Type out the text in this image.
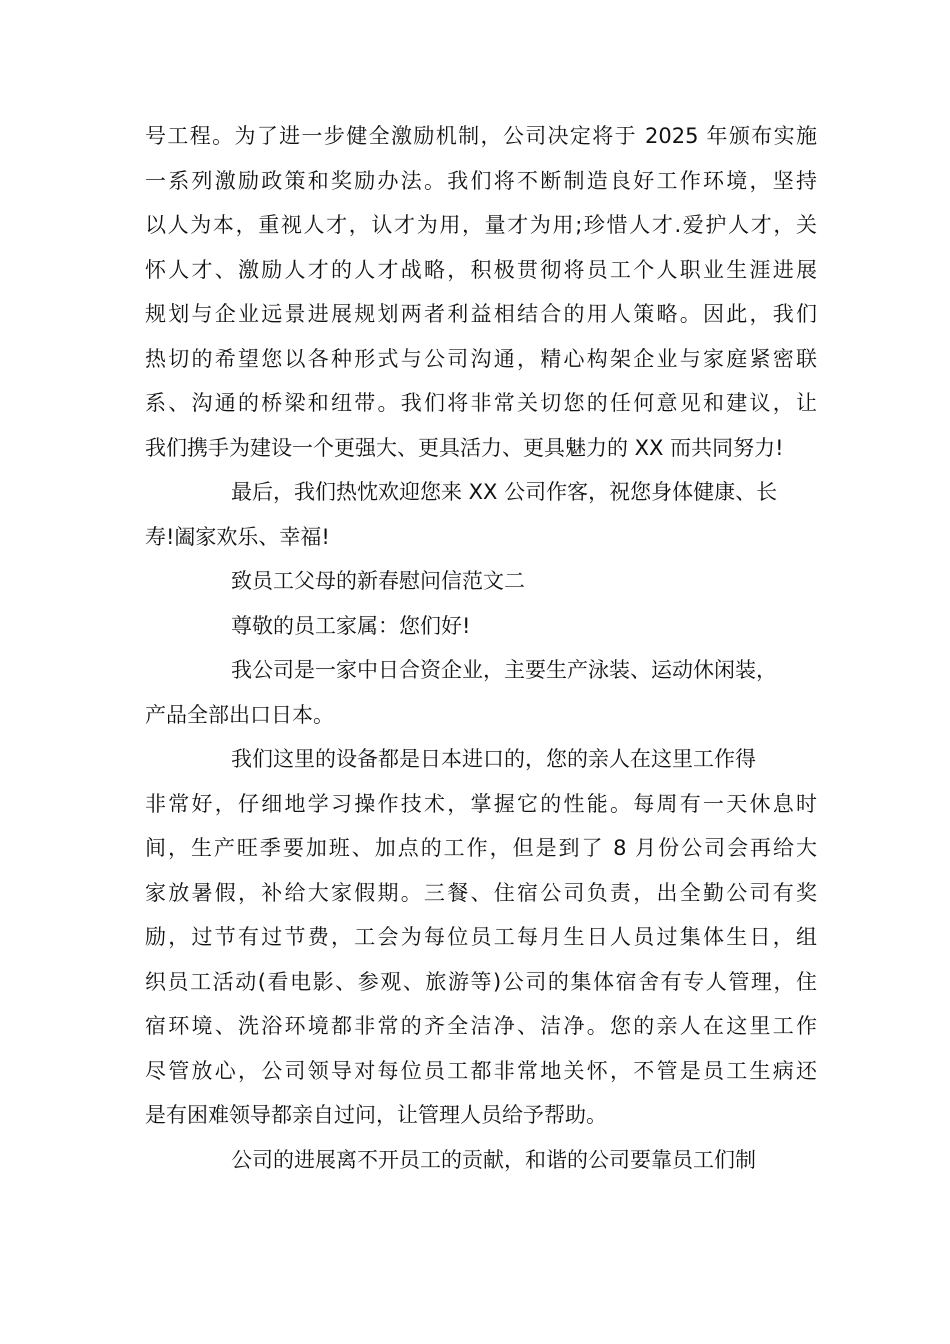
号工程。为了进一步健全激励机制，公司决定将于 2025 年颁布实施
一系列激励政策和奖励办法。我们将不断制造良好工作环境，坚持
以人为本，重视人才，认才为用，量才为用;珍惜人才.爱护人才，关
怀人才、激励人才的人才战略，积极贯彻将员工个人职业生涯进展
规划与企业远景进展规划两者利益相结合的用人策略。因此，我们
热切的希望您以各种形式与公司沟通，精心构架企业与家庭紧密联
系、沟通的桥梁和纽带。我们将非常关切您的任何意见和建议，让
我们携手为建设一个更强大、更具活力、更具魅力的 XX 而共同努力!
最后，我们热忱欢迎您来 XX 公司作客，祝您身体健康、长
寿!阖家欢乐、幸福!
致员工父母的新春慰问信范文二
尊敬的员工家属：您们好!
我公司是一家中日合资企业，主要生产泳装、运动休闲装，
产品全部出口日本。
我们这里的设备都是日本进口的，您的亲人在这里工作得
非常好，仔细地学习操作技术，掌握它的性能。每周有一天休息时
间，生产旺季要加班、加点的工作，但是到了 8 月份公司会再给大
家放暑假，补给大家假期。三餐、住宿公司负责，出全勤公司有奖
励，过节有过节费，工会为每位员工每月生日人员过集体生日，组
织员工活动(看电影、参观、旅游等)公司的集体宿舍有专人管理，住
宿环境、洗浴环境都非常的齐全洁净、洁净。您的亲人在这里工作
尽管放心，公司领导对每位员工都非常地关怀，不管是员工生病还
是有困难领导都亲自过问，让管理人员给予帮助。
公司的进展离不开员工的贡献，和谐的公司要靠员工们制
